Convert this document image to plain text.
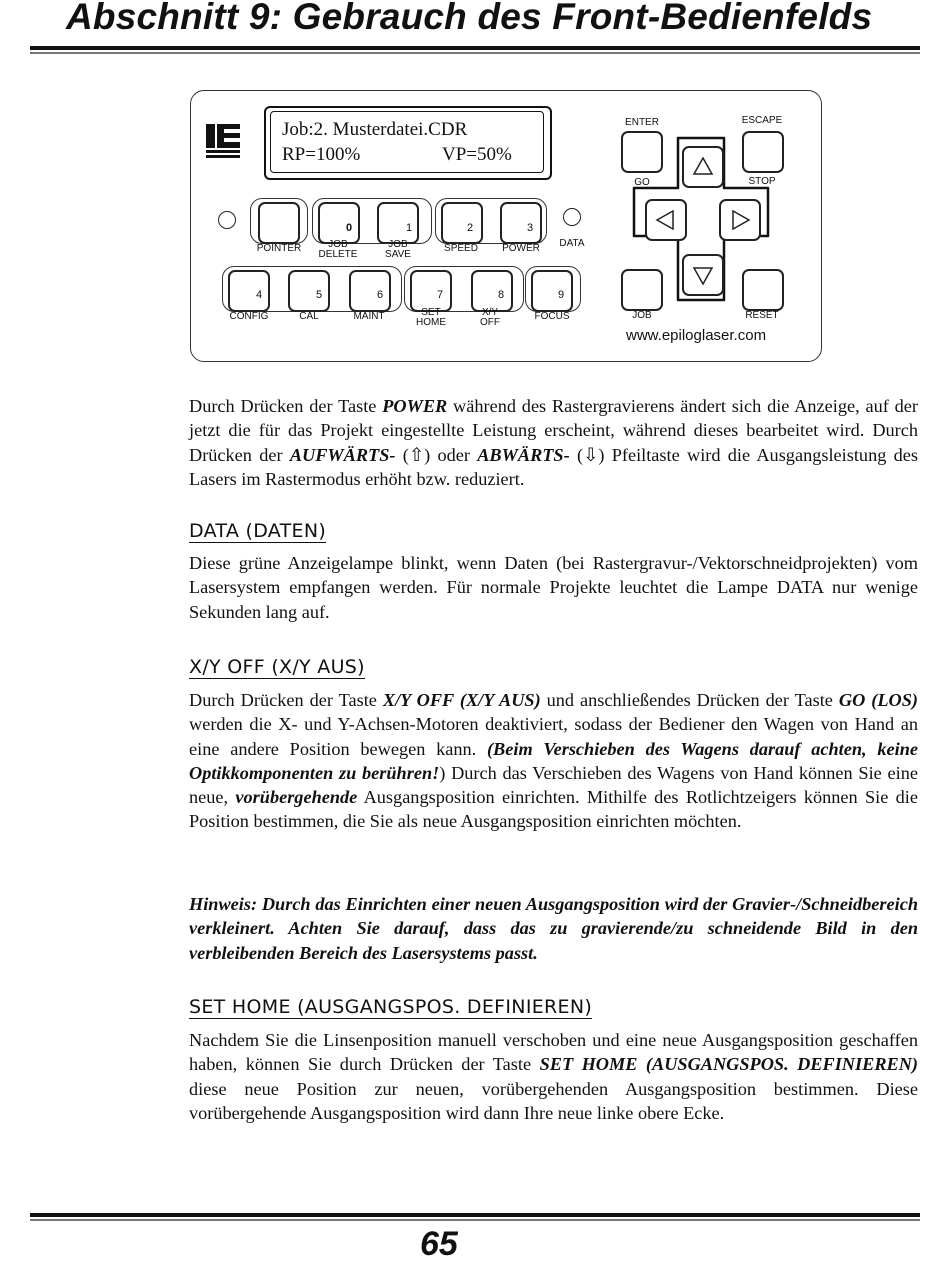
Abschnitt 9: Gebrauch des Front-Bedienfelds
Job:2. Musterdatei.CDR
RP=100%	VP=50%
POINTER
0
JOB
DELETE
1
JOB
SAVE
2
SPEED
3
POWER	DATA
4
CONFIG
5
CAL
6
MAINT
7
SET
HOME
8
X/Y
OFF
9
FOCUS
ENTER
GO
ESCAPE
STOP
JOB	RESET
www.epiloglaser.com
Durch Drücken der Taste POWER während des Rastergravierens ändert sich die Anzeige, auf der jetzt die für das Projekt eingestellte Leistung erscheint, während dieses bearbeitet wird. Durch Drücken der AUFWÄRTS- (⇧) oder ABWÄRTS- (⇩) Pfeiltaste wird die Ausgangsleistung des Lasers im Rastermodus erhöht bzw. reduziert.
DATA (DATEN)
Diese grüne Anzeigelampe blinkt, wenn Daten (bei Rastergravur-/Vektorschneidprojekten) vom Lasersystem empfangen werden. Für normale Projekte leuchtet die Lampe DATA nur wenige Sekunden lang auf.
X/Y OFF (X/Y AUS)
Durch Drücken der Taste X/Y OFF (X/Y AUS) und anschließendes Drücken der Taste GO (LOS) werden die X- und Y-Achsen-Motoren deaktiviert, sodass der Bediener den Wagen von Hand an eine andere Position bewegen kann. (Beim Verschieben des Wagens darauf achten, keine Optikkomponenten zu berühren!) Durch das Verschieben des Wagens von Hand können Sie eine neue, vorübergehende Ausgangsposition einrichten. Mithilfe des Rotlichtzeigers können Sie die Position bestimmen, die Sie als neue Ausgangsposition einrichten möchten.
Hinweis: Durch das Einrichten einer neuen Ausgangsposition wird der Gravier-/Schneidbereich verkleinert. Achten Sie darauf, dass das zu gravierende/zu schneidende Bild in den verbleibenden Bereich des Lasersystems passt.
SET HOME (AUSGANGSPOS. DEFINIEREN)
Nachdem Sie die Linsenposition manuell verschoben und eine neue Ausgangsposition geschaffen haben, können Sie durch Drücken der Taste SET HOME (AUSGANGSPOS. DEFINIEREN) diese neue Position zur neuen, vorübergehenden Ausgangsposition bestimmen. Diese vorübergehende Ausgangsposition wird dann Ihre neue linke obere Ecke.
65
